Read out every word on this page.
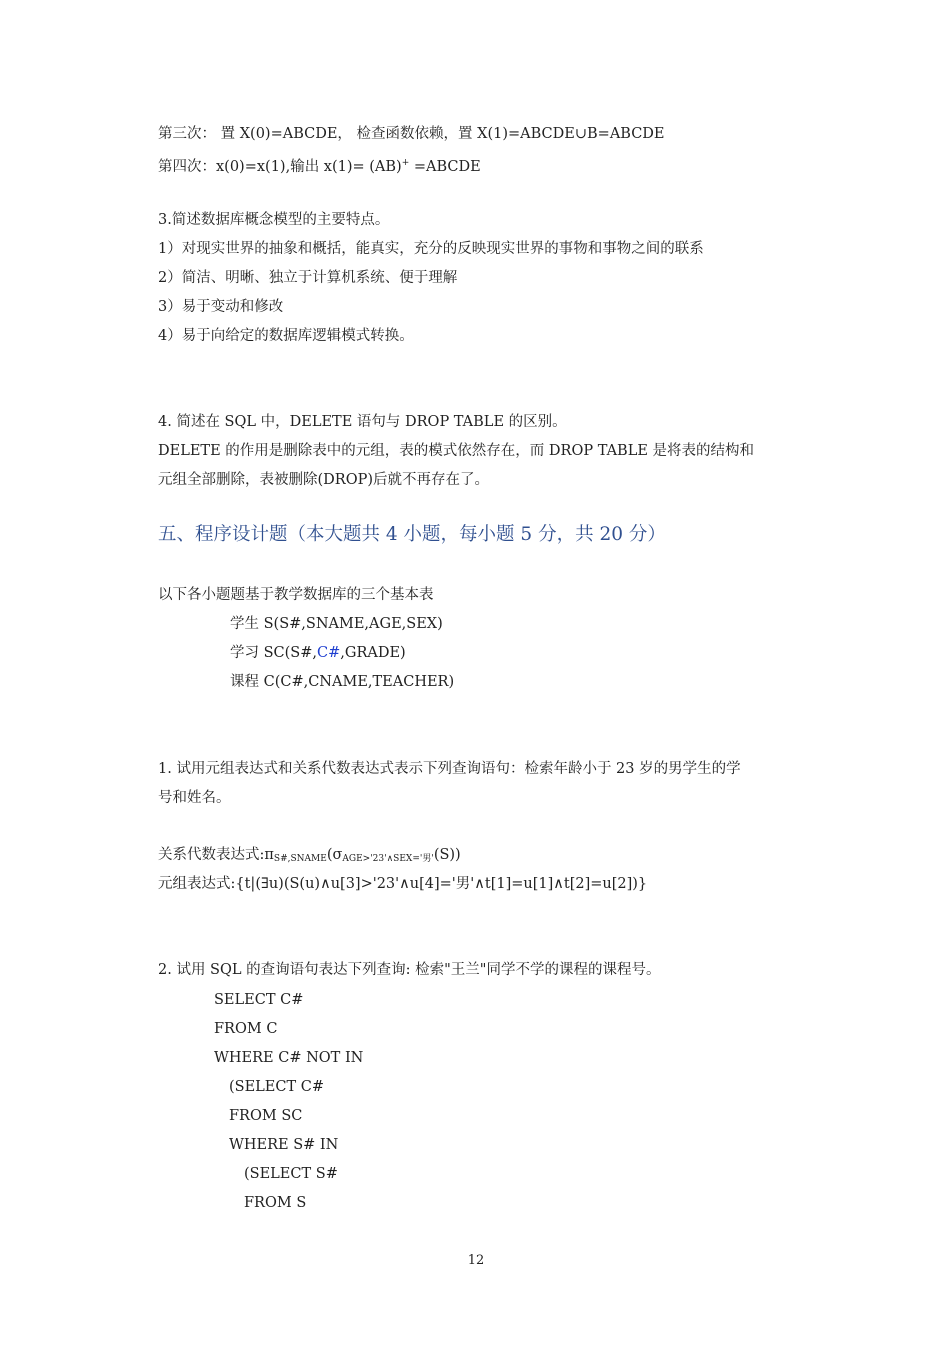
第三次： 置 X(0)=ABCDE， 检查函数依赖，置 X(1)=ABCDE∪B=ABCDE
第四次：x(0)=x(1),输出 x(1)= (AB)+ =ABCDE
3.简述数据库概念模型的主要特点。
1）对现实世界的抽象和概括，能真实，充分的反映现实世界的事物和事物之间的联系
2）简洁、明晰、独立于计算机系统、便于理解
3）易于变动和修改
4）易于向给定的数据库逻辑模式转换。
4. 简述在 SQL 中，DELETE 语句与 DROP TABLE 的区别。
DELETE 的作用是删除表中的元组，表的模式依然存在，而 DROP TABLE 是将表的结构和
元组全部删除，表被删除(DROP)后就不再存在了。
五、程序设计题（本大题共 4 小题，每小题 5 分，共 20 分）
以下各小题题基于教学数据库的三个基本表
学生 S(S#,SNAME,AGE,SEX)
学习 SC(S#,C#,GRADE)
课程 C(C#,CNAME,TEACHER)
1. 试用元组表达式和关系代数表达式表示下列查询语句：检索年龄小于 23 岁的男学生的学
号和姓名。
关系代数表达式$:\pi_{S\#,SNAME}(\sigma_{AGE>'23'\wedge SEX='男'}(S))$
元组表达式:{t|(∃u)(S(u)∧u[3]>'23'∧u[4]='男'∧t[1]=u[1]∧t[2]=u[2])}
2. 试用 SQL 的查询语句表达下列查询: 检索"王兰"同学不学的课程的课程号。
SELECT C#
FROM C
WHERE C# NOT IN
(SELECT C#
FROM SC
WHERE S# IN
(SELECT S#
FROM S
12
